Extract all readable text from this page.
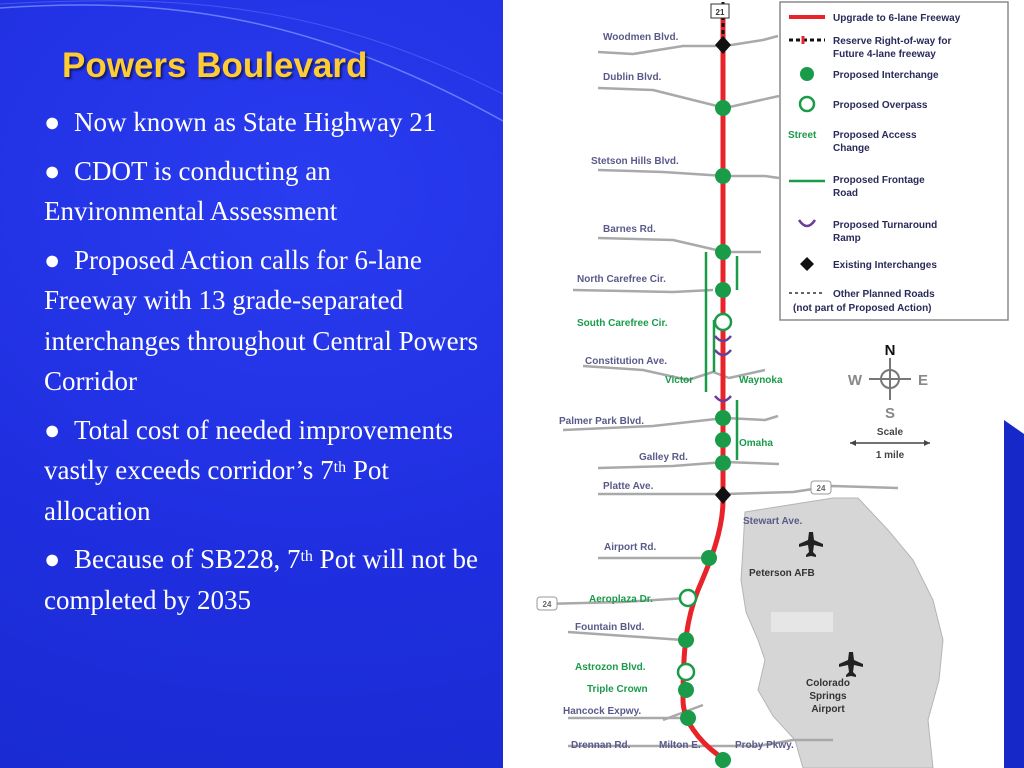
Powers Boulevard
● Now known as State Highway 21
● CDOT is conducting an Environmental Assessment
● Proposed Action calls for 6-lane Freeway with 13 grade-separated interchanges throughout Central Powers Corridor
● Total cost of needed improvements vastly exceeds corridor’s 7th Pot allocation
● Because of SB228, 7th Pot will not be completed by 2035
21
Woodmen Blvd.
Dublin Blvd.
Stetson Hills Blvd.
Barnes Rd.
North Carefree Cir.
South Carefree Cir.
Constitution Ave.
Victor	Waynoka
Palmer Park Blvd.
Omaha
Galley Rd.
Platte Ave.
Airport Rd.
Stewart Ave.
Peterson AFB
Aeroplaza Dr.
Fountain Blvd.
Astrozon Blvd.
Triple Crown
Hancock Expwy.
Drennan Rd.	Milton E.	Proby Pkwy.
Colorado
Springs
Airport
24
24
Street
Upgrade to 6-lane Freeway
Reserve Right-of-way for
Future 4-lane freeway
Proposed Interchange
Proposed Overpass
Proposed Access
Change
Proposed Frontage
Road
Proposed Turnaround
Ramp
Existing Interchanges
Other Planned Roads
(not part of Proposed Action)
N
W	E
S
Scale
1 mile
